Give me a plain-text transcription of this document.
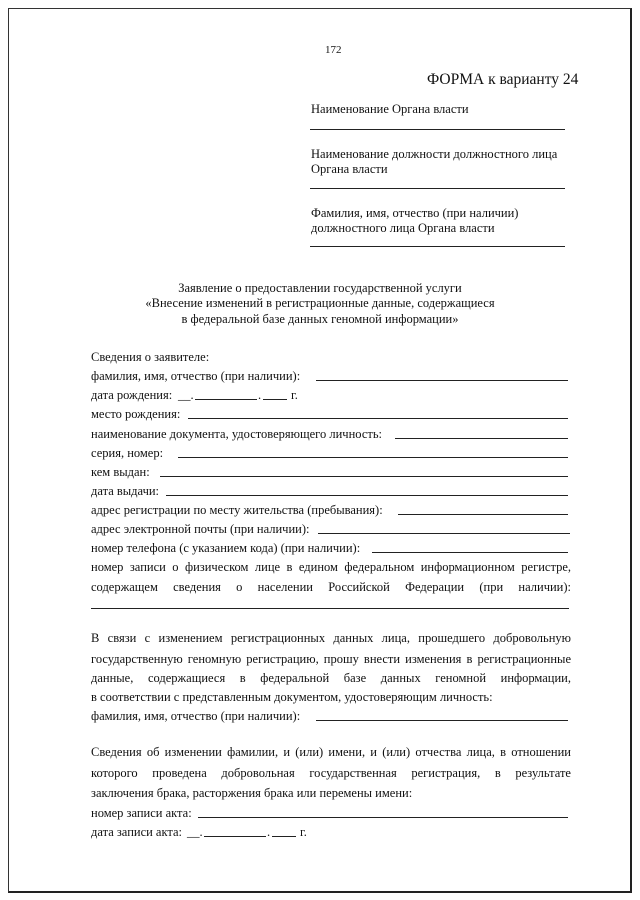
172
ФОРМА к варианту 24
Наименование Органа власти
Наименование должности должностного лица
Органа власти
Фамилия, имя, отчество (при наличии)
должностного лица Органа власти
Заявление о предоставлении государственной услуги
«Внесение изменений в регистрационные данные, содержащиеся
в федеральной базе данных геномной информации»
Сведения о заявителе:
фамилия, имя, отчество (при наличии):
дата рождения: __.	. г.
место рождения:
наименование документа, удостоверяющего личность:
серия, номер:
кем выдан:
дата выдачи:
адрес регистрации по месту жительства (пребывания):
адрес электронной почты (при наличии):
номер телефона (с указанием кода) (при наличии):
номер записи о физическом лице в едином федеральном информационном регистре,
содержащем сведения о населении Российской Федерации (при наличии):
В связи с изменением регистрационных данных лица, прошедшего добровольную
государственную геномную регистрацию, прошу внести изменения в регистрационные
данные, содержащиеся в федеральной базе данных геномной информации,
в соответствии с представленным документом, удостоверяющим личность:
фамилия, имя, отчество (при наличии):
Сведения об изменении фамилии, и (или) имени, и (или) отчества лица, в отношении
которого проведена добровольная государственная регистрация, в результате
заключения брака, расторжения брака или перемены имени:
номер записи акта:
дата записи акта: __.	. г.
